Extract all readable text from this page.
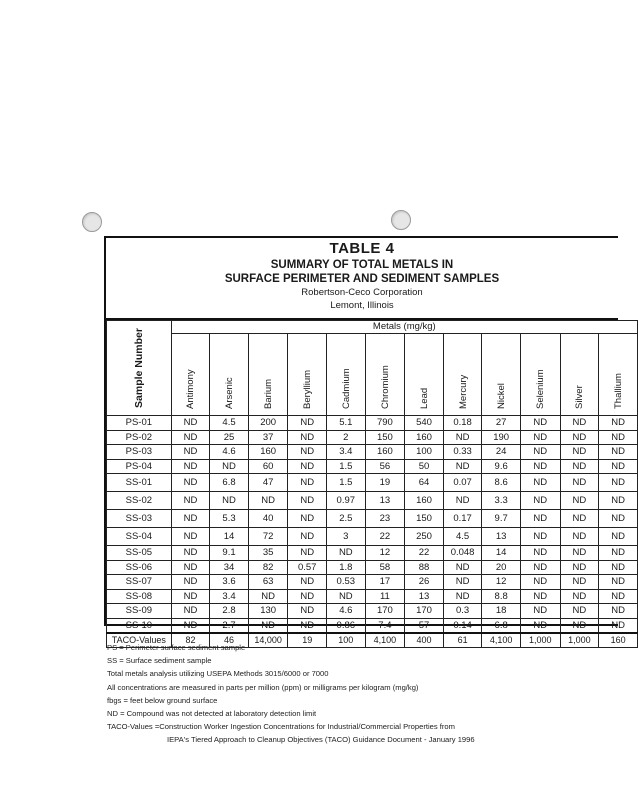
TABLE 4
SUMMARY OF TOTAL METALS IN
SURFACE PERIMETER AND SEDIMENT SAMPLES
Robertson-Ceco Corporation
Lemont, Illinois
Sample Number	Metals (mg/kg)											

	Antimony	Arsenic	Barium	Beryllium	Cadmium	Chromium	Lead	Mercury	Nickel	Selenium	Silver	Thallium

PS-01	ND	4.5	200	ND	5.1	790	540	0.18	27	ND	ND	ND
PS-02	ND	25	37	ND	2	150	160	ND	190	ND	ND	ND
PS-03	ND	4.6	160	ND	3.4	160	100	0.33	24	ND	ND	ND
PS-04	ND	ND	60	ND	1.5	56	50	ND	9.6	ND	ND	ND
SS-01	ND	6.8	47	ND	1.5	19	64	0.07	8.6	ND	ND	ND
SS-02	ND	ND	ND	ND	0.97	13	160	ND	3.3	ND	ND	ND
SS-03	ND	5.3	40	ND	2.5	23	150	0.17	9.7	ND	ND	ND
SS-04	ND	14	72	ND	3	22	250	4.5	13	ND	ND	ND
SS-05	ND	9.1	35	ND	ND	12	22	0.048	14	ND	ND	ND
SS-06	ND	34	82	0.57	1.8	58	88	ND	20	ND	ND	ND
SS-07	ND	3.6	63	ND	0.53	17	26	ND	12	ND	ND	ND
SS-08	ND	3.4	ND	ND	ND	11	13	ND	8.8	ND	ND	ND
SS-09	ND	2.8	130	ND	4.6	170	170	0.3	18	ND	ND	ND
SS-10	ND	2.7	ND	ND	0.86	7.4	57	0.14	6.8	ND	ND	ND
TACO-Values	82	46	14,000	19	100	4,100	400	61	4,100	1,000	1,000	160
PS = Perimeter surface sediment sample
SS = Surface sediment sample
Total metals analysis utilizing USEPA Methods 3015/6000 or 7000
All concentrations are measured in parts per million (ppm) or milligrams per kilogram (mg/kg)
fbgs = feet below ground surface
ND = Compound was not detected at laboratory detection limit
TACO-Values =Construction Worker Ingestion Concentrations for Industrial/Commercial Properties from
IEPA's Tiered Approach to Cleanup Objectives (TACO) Guidance Document - January 1996
